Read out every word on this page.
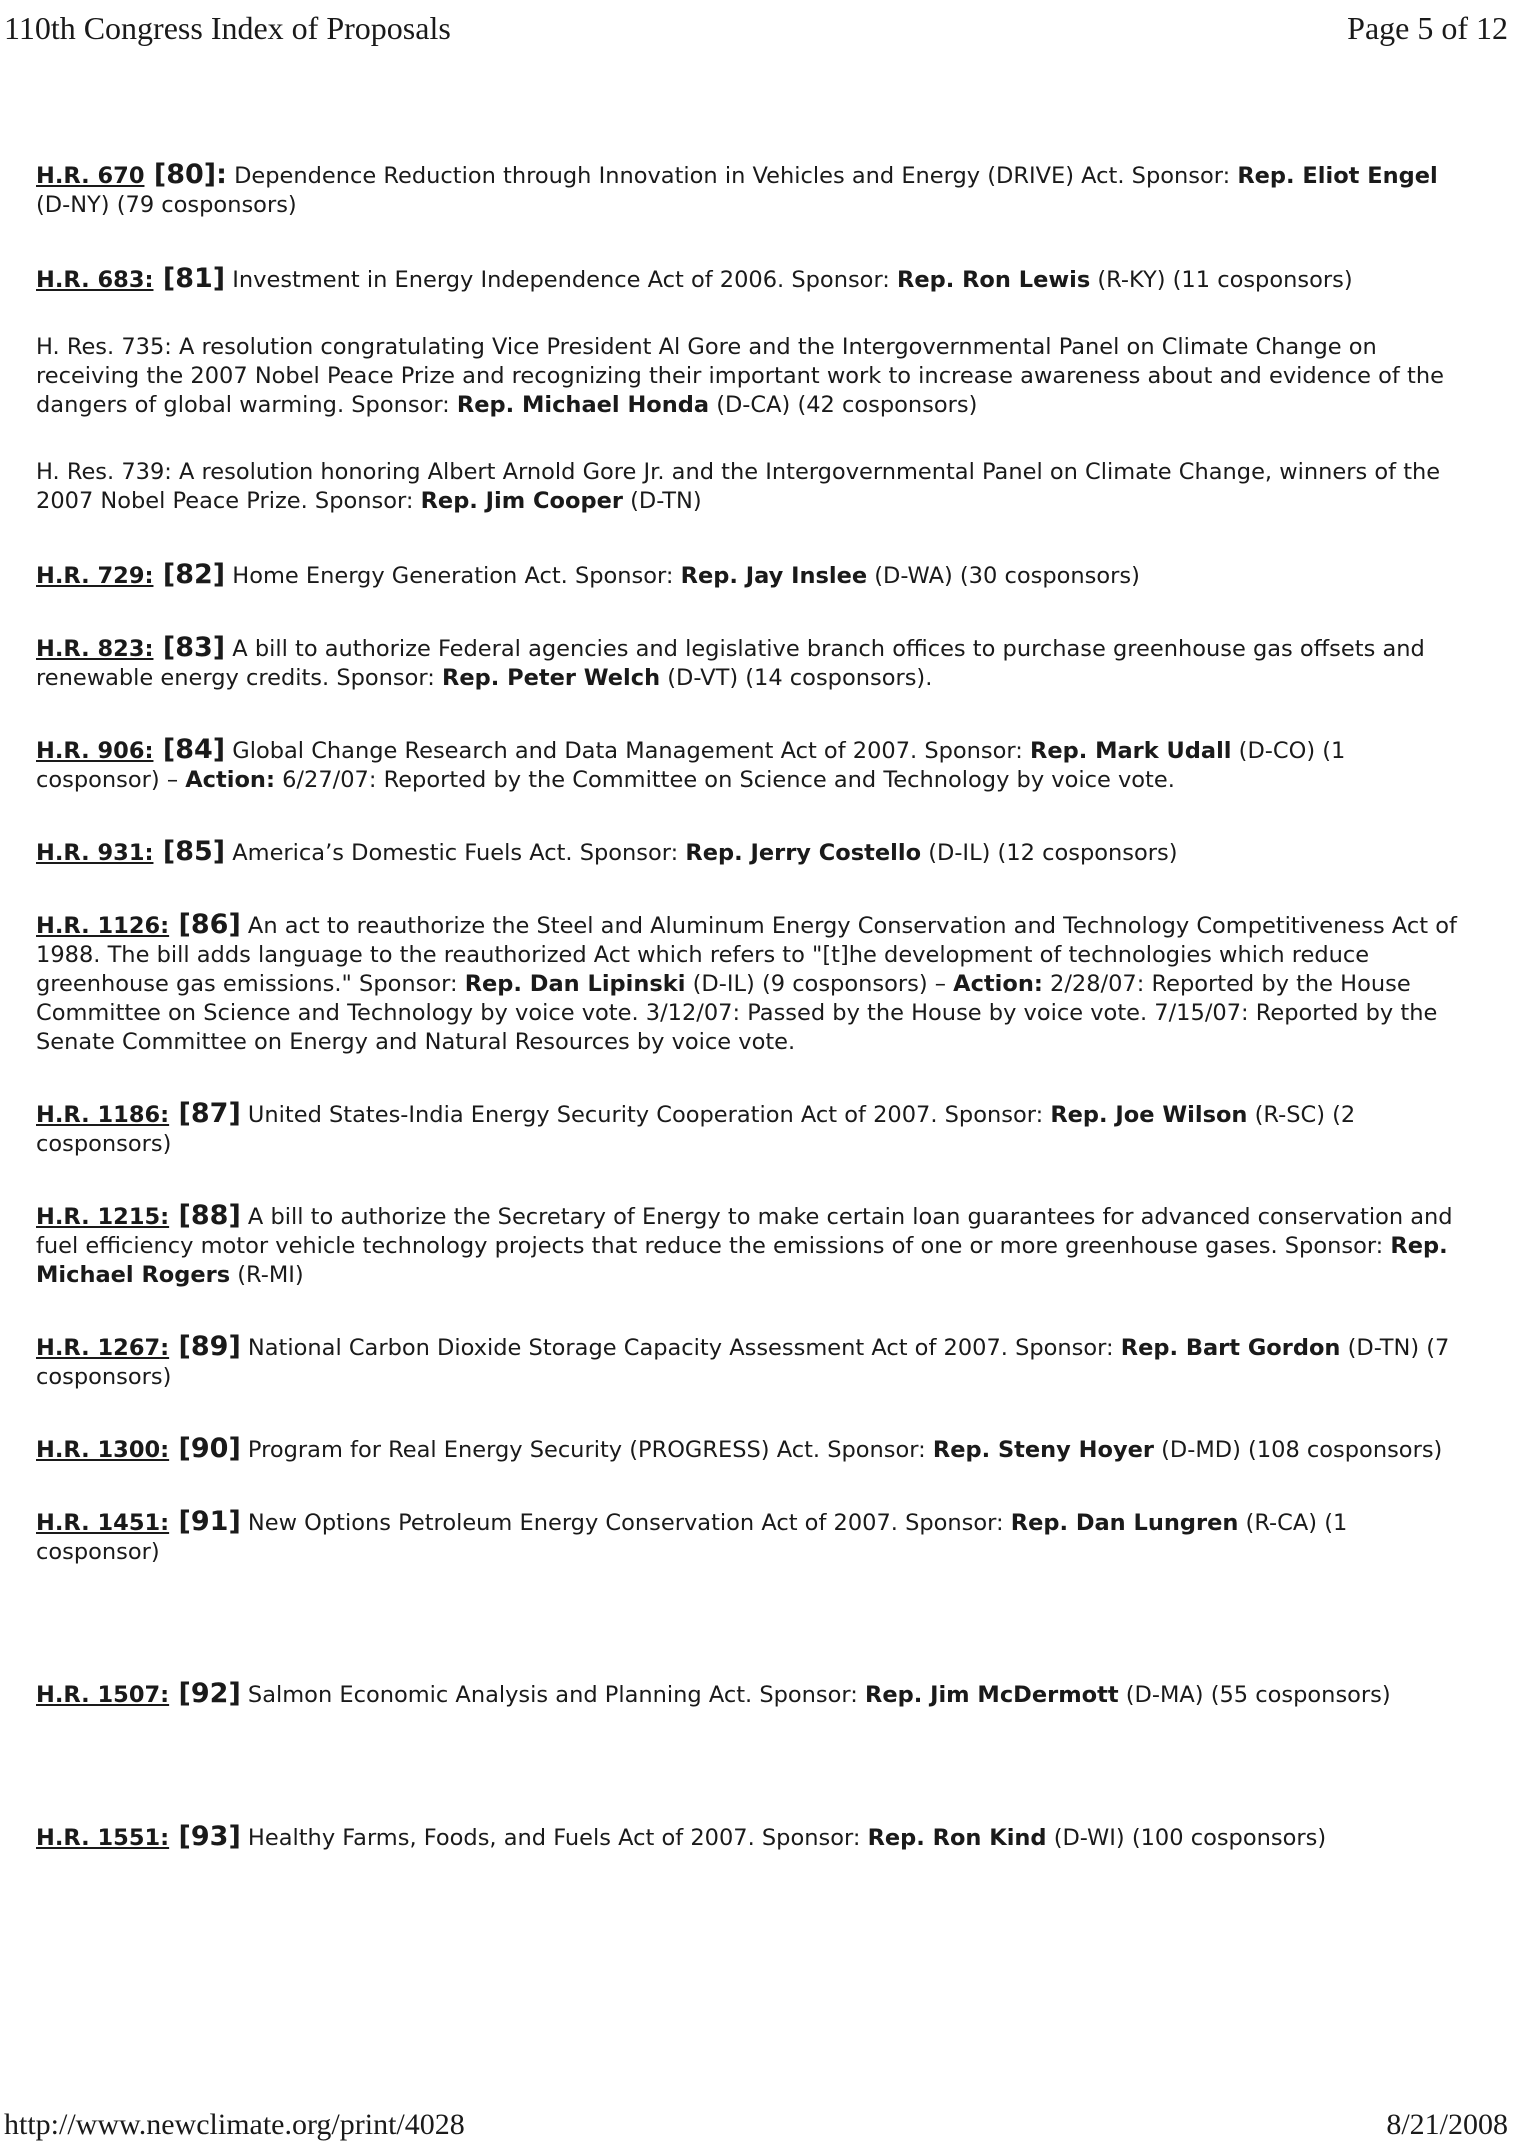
110th Congress Index of Proposals	Page 5 of 12

H.R. 670 [80]: Dependence Reduction through Innovation in Vehicles and Energy (DRIVE) Act. Sponsor: Rep. Eliot Engel (D-NY) (79 cosponsors)

H.R. 683: [81] Investment in Energy Independence Act of 2006. Sponsor: Rep. Ron Lewis (R-KY) (11 cosponsors)

H. Res. 735: A resolution congratulating Vice President Al Gore and the Intergovernmental Panel on Climate Change on receiving the 2007 Nobel Peace Prize and recognizing their important work to increase awareness about and evidence of the dangers of global warming. Sponsor: Rep. Michael Honda (D-CA) (42 cosponsors)

H. Res. 739: A resolution honoring Albert Arnold Gore Jr. and the Intergovernmental Panel on Climate Change, winners of the 2007 Nobel Peace Prize. Sponsor: Rep. Jim Cooper (D-TN)

H.R. 729: [82] Home Energy Generation Act. Sponsor: Rep. Jay Inslee (D-WA) (30 cosponsors)

H.R. 823: [83] A bill to authorize Federal agencies and legislative branch offices to purchase greenhouse gas offsets and renewable energy credits. Sponsor: Rep. Peter Welch (D-VT) (14 cosponsors).

H.R. 906: [84] Global Change Research and Data Management Act of 2007. Sponsor: Rep. Mark Udall (D-CO) (1 cosponsor) – Action: 6/27/07: Reported by the Committee on Science and Technology by voice vote.

H.R. 931: [85] America’s Domestic Fuels Act. Sponsor: Rep. Jerry Costello (D-IL) (12 cosponsors)

H.R. 1126: [86] An act to reauthorize the Steel and Aluminum Energy Conservation and Technology Competitiveness Act of 1988. The bill adds language to the reauthorized Act which refers to "[t]he development of technologies which reduce greenhouse gas emissions." Sponsor: Rep. Dan Lipinski (D-IL) (9 cosponsors) – Action: 2/28/07: Reported by the House Committee on Science and Technology by voice vote. 3/12/07: Passed by the House by voice vote. 7/15/07: Reported by the Senate Committee on Energy and Natural Resources by voice vote.

H.R. 1186: [87] United States-India Energy Security Cooperation Act of 2007. Sponsor: Rep. Joe Wilson (R-SC) (2 cosponsors)

H.R. 1215: [88] A bill to authorize the Secretary of Energy to make certain loan guarantees for advanced conservation and fuel efficiency motor vehicle technology projects that reduce the emissions of one or more greenhouse gases. Sponsor: Rep. Michael Rogers (R-MI)

H.R. 1267: [89] National Carbon Dioxide Storage Capacity Assessment Act of 2007. Sponsor: Rep. Bart Gordon (D-TN) (7 cosponsors)

H.R. 1300: [90] Program for Real Energy Security (PROGRESS) Act. Sponsor: Rep. Steny Hoyer (D-MD) (108 cosponsors)

H.R. 1451: [91] New Options Petroleum Energy Conservation Act of 2007. Sponsor: Rep. Dan Lungren (R-CA) (1 cosponsor)

H.R. 1507: [92] Salmon Economic Analysis and Planning Act. Sponsor: Rep. Jim McDermott (D-MA) (55 cosponsors)

H.R. 1551: [93] Healthy Farms, Foods, and Fuels Act of 2007. Sponsor: Rep. Ron Kind (D-WI) (100 cosponsors)

http://www.newclimate.org/print/4028	8/21/2008
